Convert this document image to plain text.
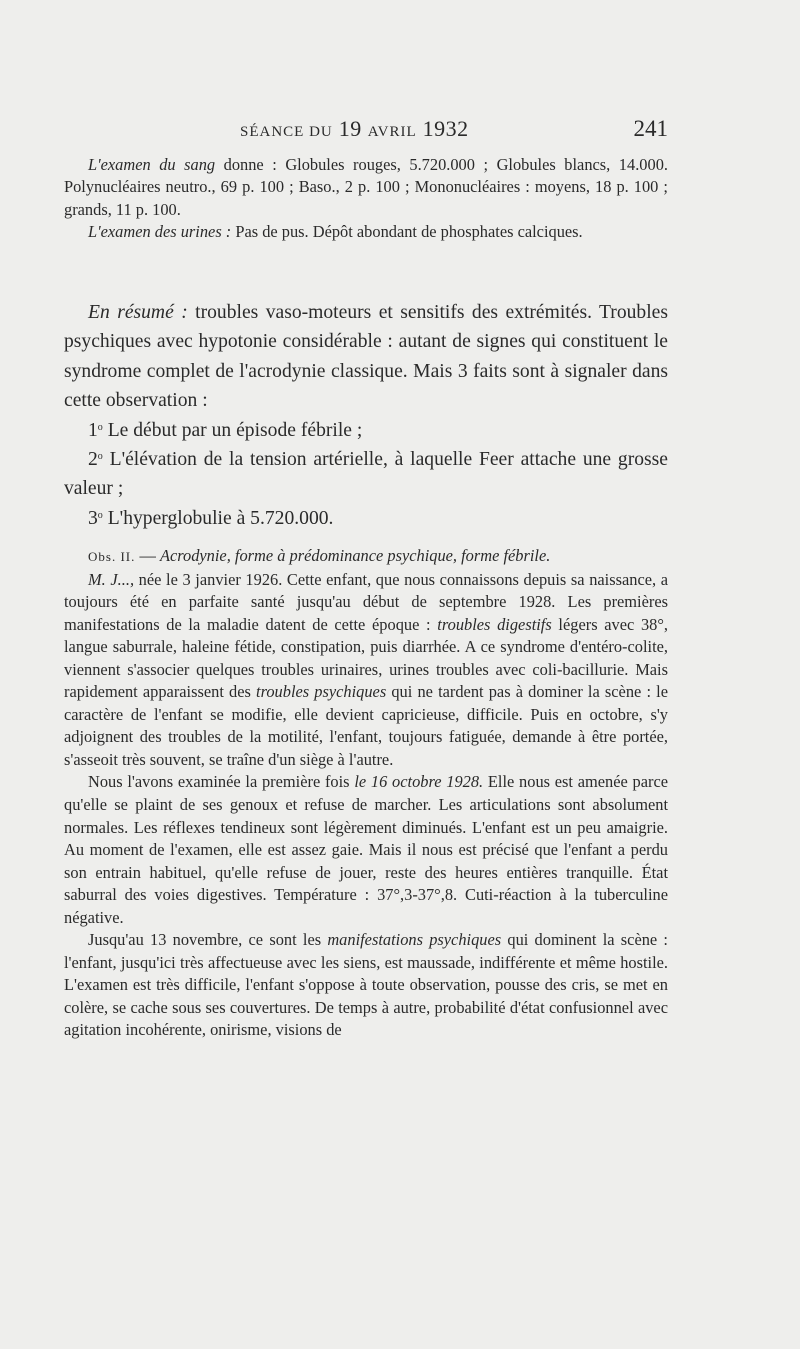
SÉANCE DU 19 AVRIL 1932	241

L'examen du sang donne : Globules rouges, 5.720.000 ; Globules blancs, 14.000. Polynucléaires neutro., 69 p. 100 ; Baso., 2 p. 100 ; Mononucléaires : moyens, 18 p. 100 ; grands, 11 p. 100.

L'examen des urines : Pas de pus. Dépôt abondant de phosphates calciques.

En résumé : troubles vaso-moteurs et sensitifs des extrémités. Troubles psychiques avec hypotonie considérable : autant de signes qui constituent le syndrome complet de l'acrodynie classique. Mais 3 faits sont à signaler dans cette observation :

1$^o$ Le début par un épisode fébrile ;

2$^o$ L'élévation de la tension artérielle, à laquelle Feer attache une grosse valeur ;

3$^o$ L'hyperglobulie à 5.720.000.

Obs. II. — Acrodynie, forme à prédominance psychique, forme fébrile.

M. J..., née le 3 janvier 1926. Cette enfant, que nous connaissons depuis sa naissance, a toujours été en parfaite santé jusqu'au début de septembre 1928. Les premières manifestations de la maladie datent de cette époque : troubles digestifs légers avec 38°, langue saburrale, haleine fétide, constipation, puis diarrhée. A ce syndrome d'entéro-colite, viennent s'associer quelques troubles urinaires, urines troubles avec coli-bacillurie. Mais rapidement apparaissent des troubles psychiques qui ne tardent pas à dominer la scène : le caractère de l'enfant se modifie, elle devient capricieuse, difficile. Puis en octobre, s'y adjoignent des troubles de la motilité, l'enfant, toujours fatiguée, demande à être portée, s'asseoit très souvent, se traîne d'un siège à l'autre.

Nous l'avons examinée la première fois le 16 octobre 1928. Elle nous est amenée parce qu'elle se plaint de ses genoux et refuse de marcher. Les articulations sont absolument normales. Les réflexes tendineux sont légèrement diminués. L'enfant est un peu amaigrie. Au moment de l'examen, elle est assez gaie. Mais il nous est précisé que l'enfant a perdu son entrain habituel, qu'elle refuse de jouer, reste des heures entières tranquille. État saburral des voies digestives. Température : 37°,3-37°,8. Cuti-réaction à la tuberculine négative.

Jusqu'au 13 novembre, ce sont les manifestations psychiques qui dominent la scène : l'enfant, jusqu'ici très affectueuse avec les siens, est maussade, indifférente et même hostile. L'examen est très difficile, l'enfant s'oppose à toute observation, pousse des cris, se met en colère, se cache sous ses couvertures. De temps à autre, probabilité d'état confusionnel avec agitation incohérente, onirisme, visions de
